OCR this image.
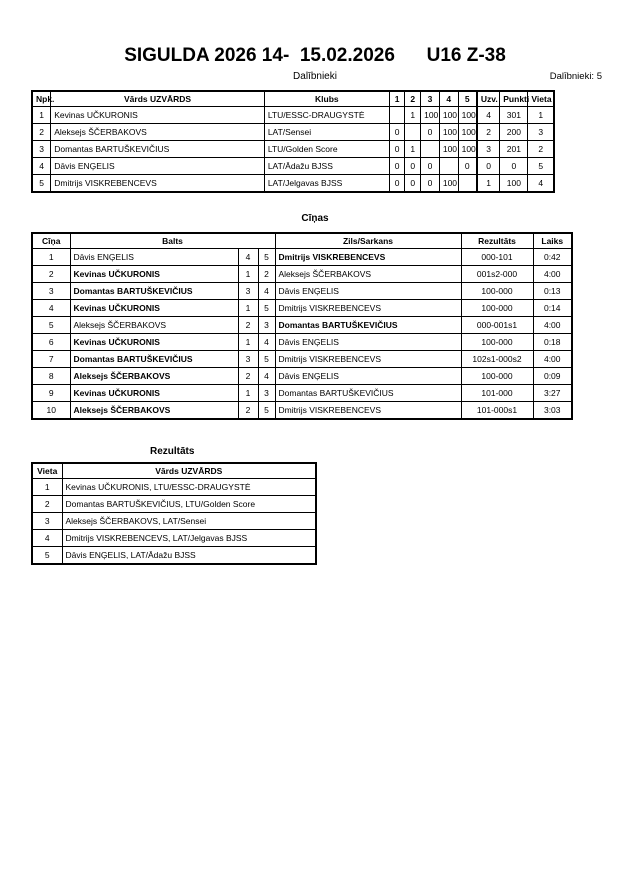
SIGULDA 2026 14-  15.02.2026      U16 Z-38
Dalībnieki	Dalībnieki: 5
Npk.	Vārds UZVĀRDS	Klubs	1	2	3	4	5	Uzv.	Punkti	Vieta
1	Kevinas UČKURONIS	LTU/ESSC-DRAUGYSTĖ		1	100	100	100	4	301	1
2	Aleksejs ŠČERBAKOVS	LAT/Sensei	0		0	100	100	2	200	3
3	Domantas BARTUŠKEVIČIUS	LTU/Golden Score	0	1		100	100	3	201	2
4	Dāvis ENĢELIS	LAT/Ādažu BJSS	0	0	0		0	0	0	5
5	Dmitrijs VISKREBENCEVS	LAT/Jelgavas BJSS	0	0	0	100		1	100	4
Cīņas
Cīņa	Balts			Zils/Sarkans	Rezultāts	Laiks
1	Dāvis ENĢELIS	4	5	Dmitrijs VISKREBENCEVS	000-101	0:42
2	Kevinas UČKURONIS	1	2	Aleksejs ŠČERBAKOVS	001s2-000	4:00
3	Domantas BARTUŠKEVIČIUS	3	4	Dāvis ENĢELIS	100-000	0:13
4	Kevinas UČKURONIS	1	5	Dmitrijs VISKREBENCEVS	100-000	0:14
5	Aleksejs ŠČERBAKOVS	2	3	Domantas BARTUŠKEVIČIUS	000-001s1	4:00
6	Kevinas UČKURONIS	1	4	Dāvis ENĢELIS	100-000	0:18
7	Domantas BARTUŠKEVIČIUS	3	5	Dmitrijs VISKREBENCEVS	102s1-000s2	4:00
8	Aleksejs ŠČERBAKOVS	2	4	Dāvis ENĢELIS	100-000	0:09
9	Kevinas UČKURONIS	1	3	Domantas BARTUŠKEVIČIUS	101-000	3:27
10	Aleksejs ŠČERBAKOVS	2	5	Dmitrijs VISKREBENCEVS	101-000s1	3:03
Rezultāts
Vieta	Vārds UZVĀRDS
1	Kevinas UČKURONIS, LTU/ESSC-DRAUGYSTĖ
2	Domantas BARTUŠKEVIČIUS, LTU/Golden Score
3	Aleksejs ŠČERBAKOVS, LAT/Sensei
4	Dmitrijs VISKREBENCEVS, LAT/Jelgavas BJSS
5	Dāvis ENĢELIS, LAT/Ādažu BJSS
